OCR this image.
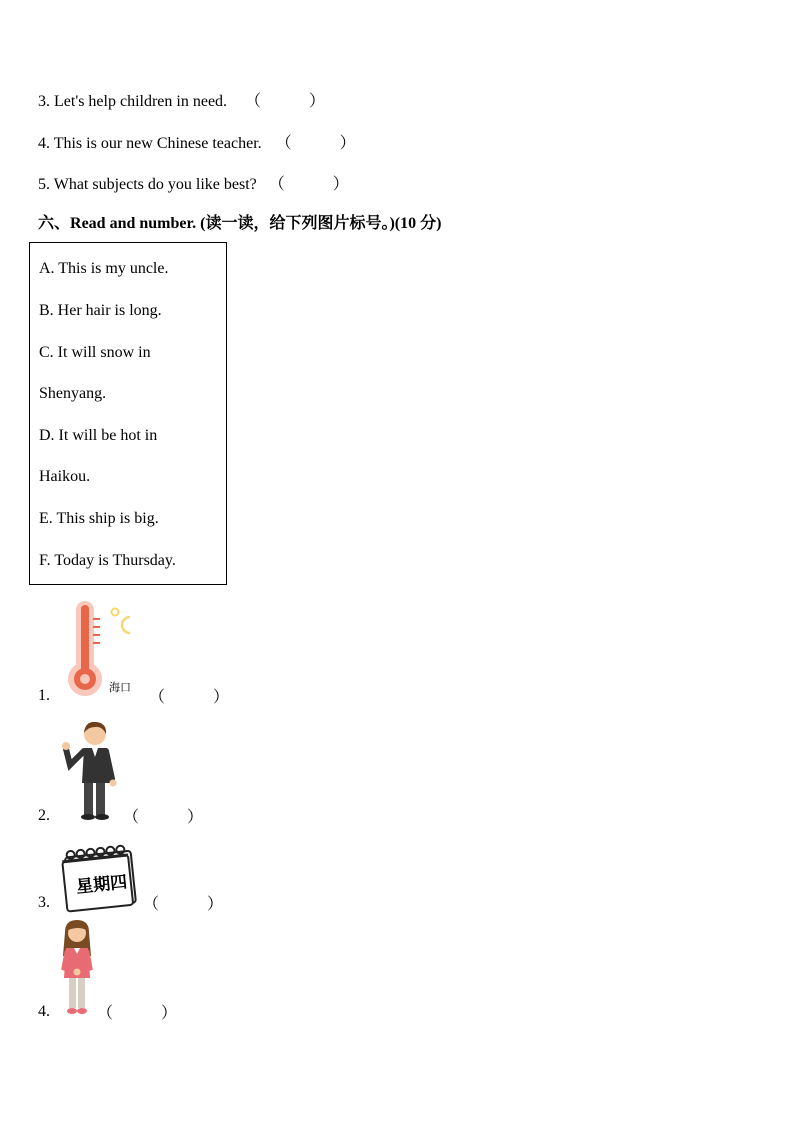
3. Let's help children in need. （　　　）
4. This is our new Chinese teacher. （　　　）
5. What subjects do you like best? （　　　）
六、Read and number. (读一读，给下列图片标号。)(10 分)
A. This is my uncle.
B. Her hair is long.
C. It will snow in
Shenyang.
D. It will be hot in
Haikou.
E. This ship is big.
F. Today is Thursday.
海口
1.	（　　　）
2.	（　　　）
星期四
3.	（　　　）
4.	（　　　）
